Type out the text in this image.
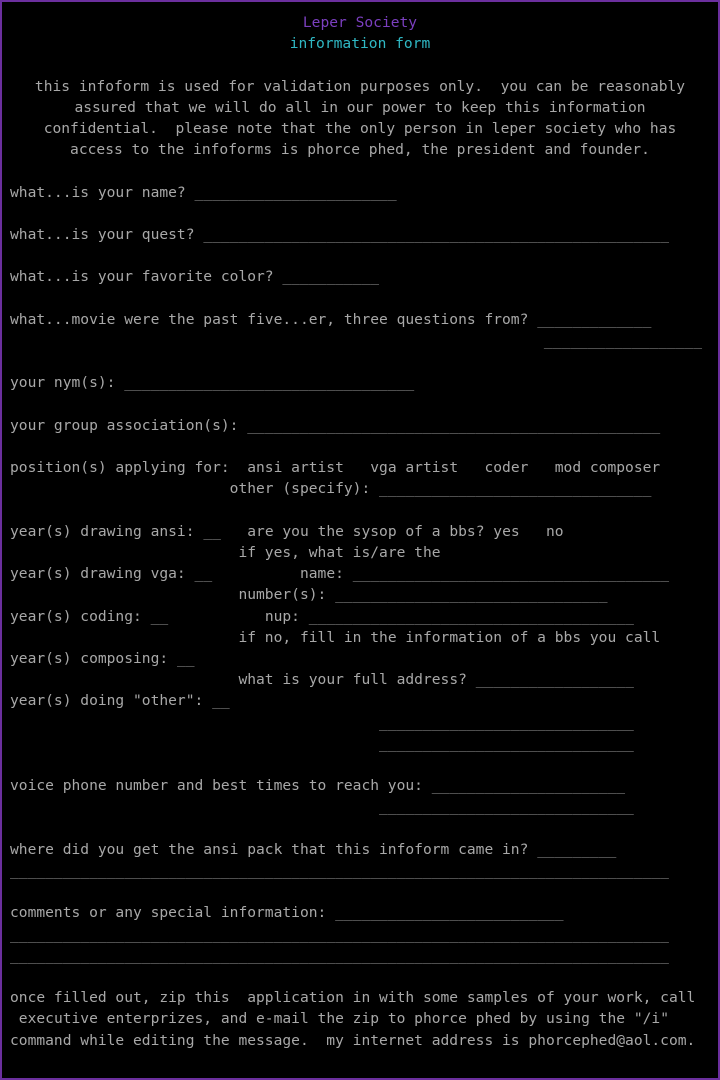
Leper Society
information form
this infoform is used for validation purposes only.  you can be reasonably
assured that we will do all in our power to keep this information
confidential.  please note that the only person in leper society who has
access to the infoforms is phorce phed, the president and founder.
what...is your name? _______________________
what...is your quest? _____________________________________________________
what...is your favorite color? ___________
what...movie were the past five...er, three questions from? _____________
__________________
your nym(s): _________________________________
your group association(s): _______________________________________________
position(s) applying for: ansi artist   vga artist   coder   mod composer
other (specify): _______________________________
year(s) drawing ansi: __ are you the sysop of a bbs? yes no
if yes, what is/are the
year(s) drawing vga: __	name: ____________________________________
number(s): _______________________________
year(s) coding: __	nup: _____________________________________
if no, fill in the information of a bbs you call
year(s) composing: __
what is your full address? __________________
year(s) doing "other": __
_____________________________
_____________________________
voice phone number and best times to reach you: ______________________
_____________________________
where did you get the ansi pack that this infoform came in? _________
___________________________________________________________________________
comments or any special information: __________________________
___________________________________________________________________________
___________________________________________________________________________
once filled out, zip this  application in with some samples of your work, call
executive enterprizes, and e-mail the zip to phorce phed by using the "/i"
command while editing the message.  my internet address is phorcephed@aol.com.
